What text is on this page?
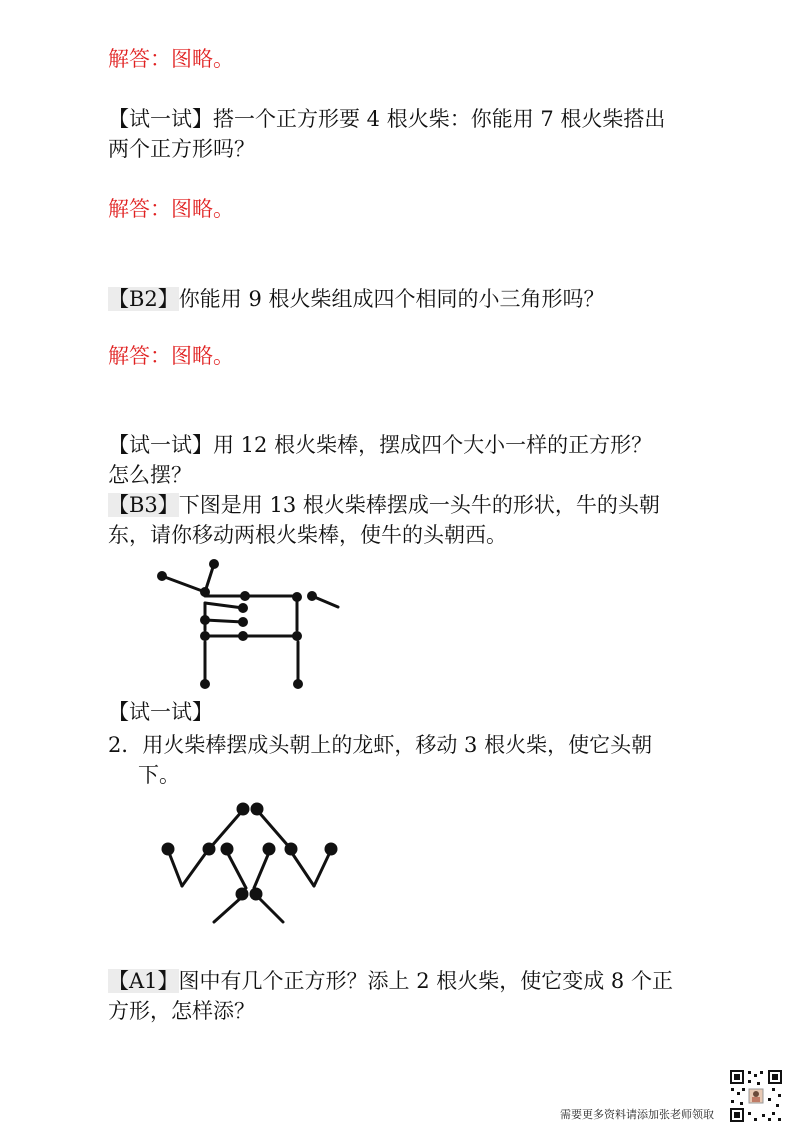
解答：图略。
【试一试】搭一个正方形要 4 根火柴：你能用 7 根火柴搭出
两个正方形吗？
解答：图略。
【B2】你能用 9 根火柴组成四个相同的小三角形吗？
解答：图略。
【试一试】用 12 根火柴棒，摆成四个大小一样的正方形？
怎么摆？
【B3】下图是用 13 根火柴棒摆成一头牛的形状，牛的头朝
东，请你移动两根火柴棒，使牛的头朝西。
【试一试】
2．用火柴棒摆成头朝上的龙虾，移动 3 根火柴，使它头朝
下。
【A1】图中有几个正方形？添上 2 根火柴，使它变成 8 个正
方形，怎样添？
需要更多资料请添加张老师领取
